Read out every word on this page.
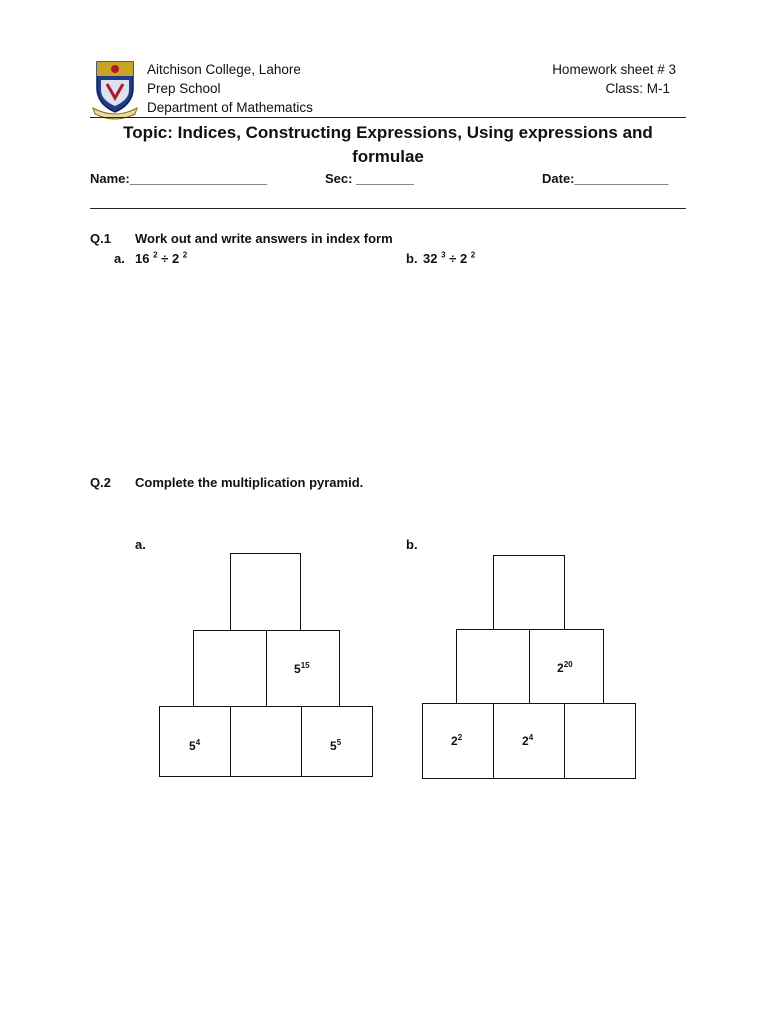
Aitchison College, Lahore
Prep School
Department of Mathematics
Homework sheet # 3
Class: M-1
Topic: Indices, Constructing Expressions, Using expressions and
formulae
Name:___________________	Sec: ________	Date:_____________
Q.1 Work out and write answers in index form
a. 16 $^2$ ÷ 2 $^2$	b. 32 $^3$ ÷ 2 $^2$
Q.2 Complete the multiplication pyramid.
a.	b.
$5^{15}$
$5^4$	$5^5$
$2^{20}$
$2^2$	$2^4$
